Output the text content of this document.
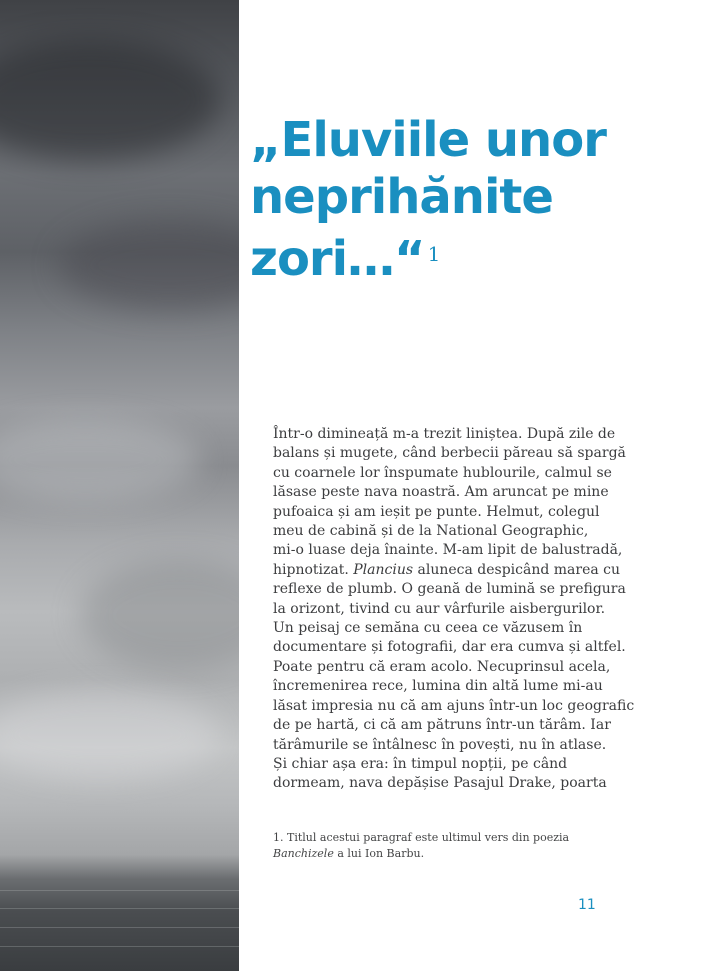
„Eluviile unor
neprihănite
zori…“ $^1$
Într-o dimineață m-a trezit liniștea. După zile de
balans și mugete, când berbecii păreau să spargă
cu coarnele lor înspumate hublourile, calmul se
lăsase peste nava noastră. Am aruncat pe mine
pufoaica și am ieșit pe punte. Helmut, colegul
meu de cabină și de la National Geographic,
mi-o luase deja înainte. M-am lipit de balustradă,
hipnotizat. Plancius aluneca despicând marea cu
reflexe de plumb. O geană de lumină se prefigura
la orizont, tivind cu aur vârfurile aisbergurilor.
Un peisaj ce semăna cu ceea ce văzusem în
documentare și fotografii, dar era cumva și altfel.
Poate pentru că eram acolo. Necuprinsul acela,
încremenirea rece, lumina din altă lume mi-au
lăsat impresia nu că am ajuns într-un loc geografic
de pe hartă, ci că am pătruns într-un tărâm. Iar
tărâmurile se întâlnesc în povești, nu în atlase.
Și chiar așa era: în timpul nopții, pe când
dormeam, nava depășise Pasajul Drake, poarta
1. Titlul acestui paragraf este ultimul vers din poezia
Banchizele a lui Ion Barbu.
11
